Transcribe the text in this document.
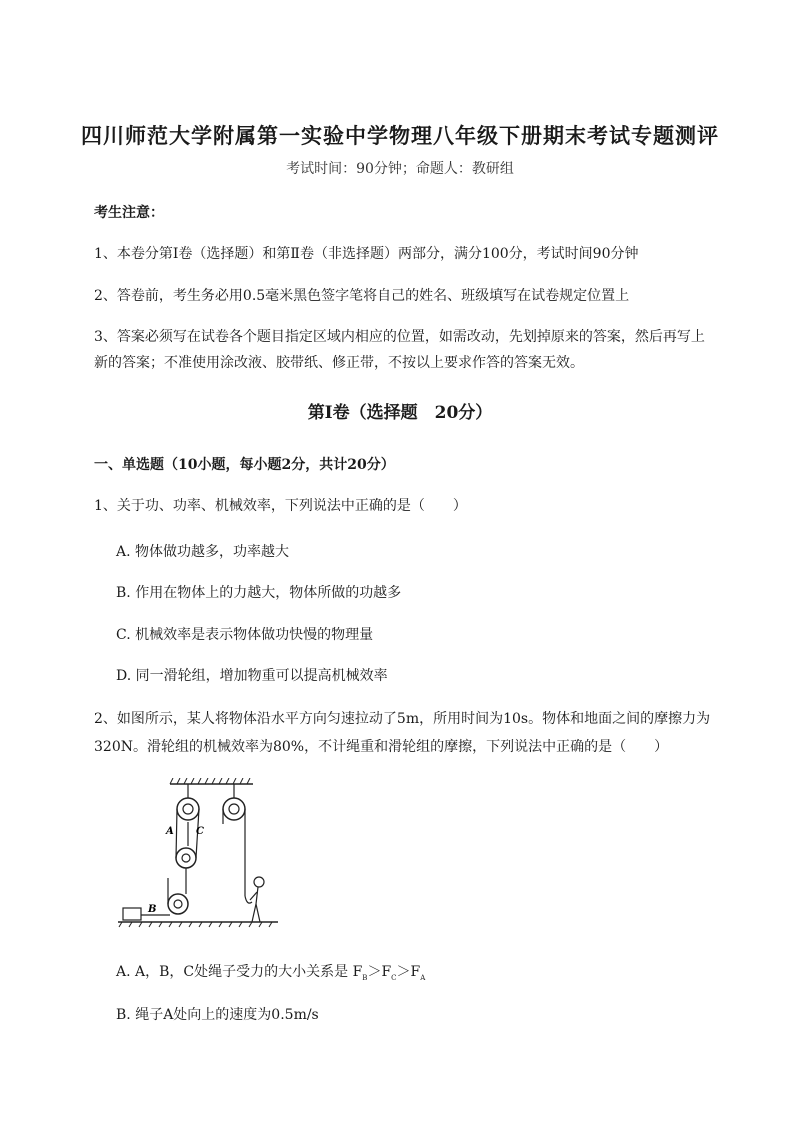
四川师范大学附属第一实验中学物理八年级下册期末考试专题测评
考试时间：90分钟；命题人：教研组
考生注意：
1、本卷分第Ⅰ卷（选择题）和第Ⅱ卷（非选择题）两部分，满分100分，考试时间90分钟
2、答卷前，考生务必用0.5毫米黑色签字笔将自己的姓名、班级填写在试卷规定位置上
3、答案必须写在试卷各个题目指定区域内相应的位置，如需改动，先划掉原来的答案，然后再写上新的答案；不准使用涂改液、胶带纸、修正带，不按以上要求作答的答案无效。
第Ⅰ卷（选择题　20分）
一、单选题（10小题，每小题2分，共计20分）
1、关于功、功率、机械效率，下列说法中正确的是（　　）
A. 物体做功越多，功率越大
B. 作用在物体上的力越大，物体所做的功越多
C. 机械效率是表示物体做功快慢的物理量
D. 同一滑轮组，增加物重可以提高机械效率
2、如图所示，某人将物体沿水平方向匀速拉动了5m，所用时间为10s。物体和地面之间的摩擦力为320N。滑轮组的机械效率为80%，不计绳重和滑轮组的摩擦，下列说法中正确的是（　　）
A C
B
A. A，B，C处绳子受力的大小关系是 $F_B>F_C>F_A$
B. 绳子A处向上的速度为0.5m/s
